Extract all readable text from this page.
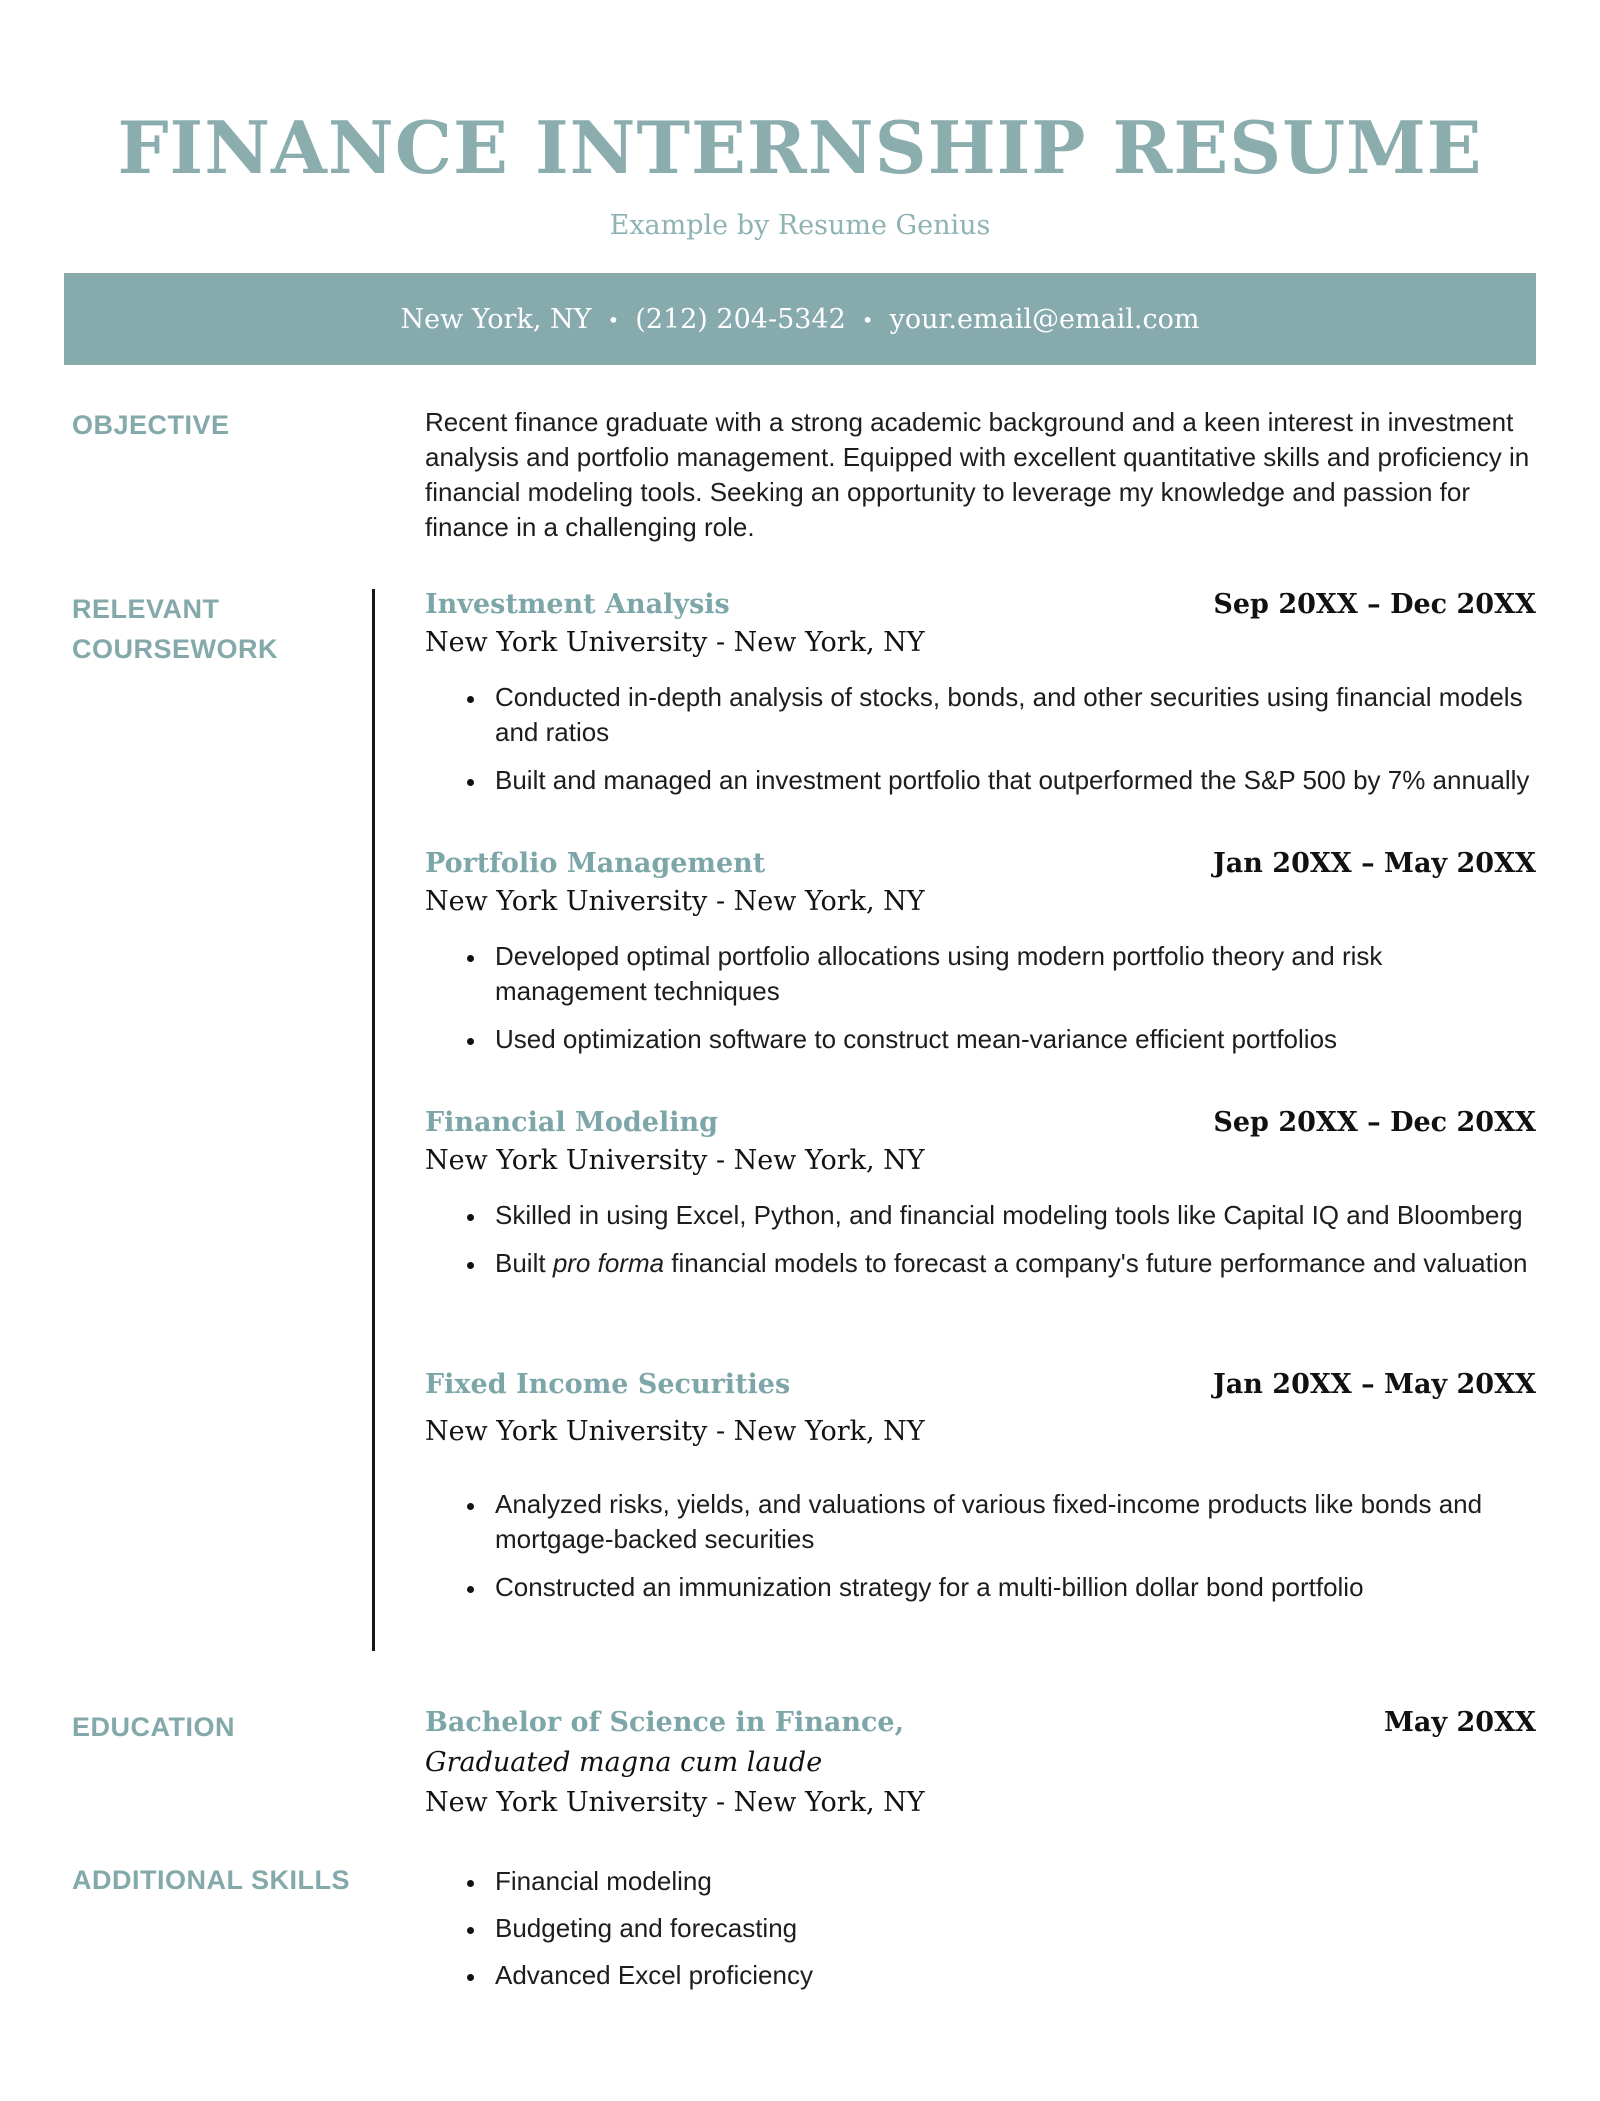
FINANCE INTERNSHIP RESUME
Example by Resume Genius
New York, NY • (212) 204-5342 • your.email@email.com
OBJECTIVE	Recent finance graduate with a strong academic background and a keen interest in investment analysis and portfolio management. Equipped with excellent quantitative skills and proficiency in financial modeling tools. Seeking an opportunity to leverage my knowledge and passion for finance in a challenging role.

RELEVANT COURSEWORK
Investment Analysis	Sep 20XX – Dec 20XX
New York University - New York, NY
• Conducted in-depth analysis of stocks, bonds, and other securities using financial models and ratios
• Built and managed an investment portfolio that outperformed the S&P 500 by 7% annually
Portfolio Management	Jan 20XX – May 20XX
New York University - New York, NY
• Developed optimal portfolio allocations using modern portfolio theory and risk management techniques
• Used optimization software to construct mean-variance efficient portfolios
Financial Modeling	Sep 20XX – Dec 20XX
New York University - New York, NY
• Skilled in using Excel, Python, and financial modeling tools like Capital IQ and Bloomberg
• Built pro forma financial models to forecast a company's future performance and valuation
Fixed Income Securities	Jan 20XX – May 20XX
New York University - New York, NY
• Analyzed risks, yields, and valuations of various fixed-income products like bonds and mortgage-backed securities
• Constructed an immunization strategy for a multi-billion dollar bond portfolio
EDUCATION	Bachelor of Science in Finance,	May 20XX
Graduated magna cum laude
New York University - New York, NY
ADDITIONAL SKILLS	• Financial modeling
• Budgeting and forecasting
• Advanced Excel proficiency
